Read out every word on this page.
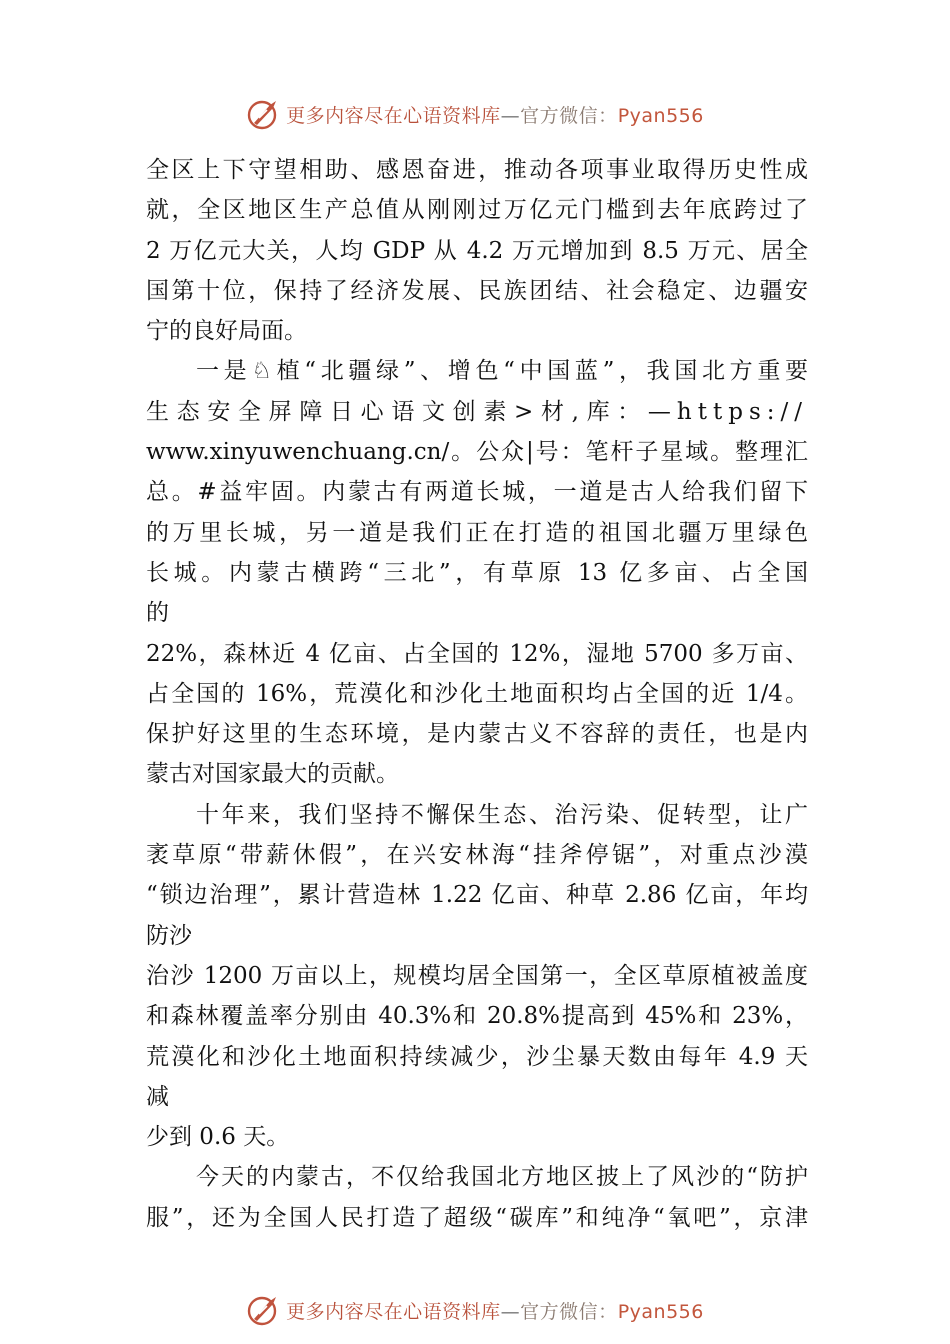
更多内容尽在心语资料库—官方微信：Pyan556
全区上下守望相助、感恩奋进，推动各项事业取得历史性成
就，全区地区生产总值从刚刚过万亿元门槛到去年底跨过了
2 万亿元大关，人均 GDP 从 4.2 万元增加到 8.5 万元、居全
国第十位，保持了经济发展、民族团结、社会稳定、边疆安
宁的良好局面。
一是♘植“北疆绿”、增色“中国蓝”，我国北方重要
生态安全屏障日心语文创素>材,库：—https://
www.xinyuwenchuang.cn/。公众|号：笔杆子星域。整理汇
总。#益牢固。内蒙古有两道长城，一道是古人给我们留下
的万里长城，另一道是我们正在打造的祖国北疆万里绿色
长城。内蒙古横跨“三北”，有草原 13 亿多亩、占全国
的
22%，森林近 4 亿亩、占全国的 12%，湿地 5700 多万亩、
占全国的 16%，荒漠化和沙化土地面积均占全国的近 1/4。
保护好这里的生态环境，是内蒙古义不容辞的责任，也是内
蒙古对国家最大的贡献。
十年来，我们坚持不懈保生态、治污染、促转型，让广
袤草原“带薪休假”，在兴安林海“挂斧停锯”，对重点沙漠
“锁边治理”，累计营造林 1.22 亿亩、种草 2.86 亿亩，年均
防沙
治沙 1200 万亩以上，规模均居全国第一，全区草原植被盖度
和森林覆盖率分别由 40.3%和 20.8%提高到 45%和 23%，
荒漠化和沙化土地面积持续减少，沙尘暴天数由每年 4.9 天
减
少到 0.6 天。
今天的内蒙古，不仅给我国北方地区披上了风沙的“防护
服”，还为全国人民打造了超级“碳库”和纯净“氧吧”，京津
更多内容尽在心语资料库—官方微信：Pyan556
